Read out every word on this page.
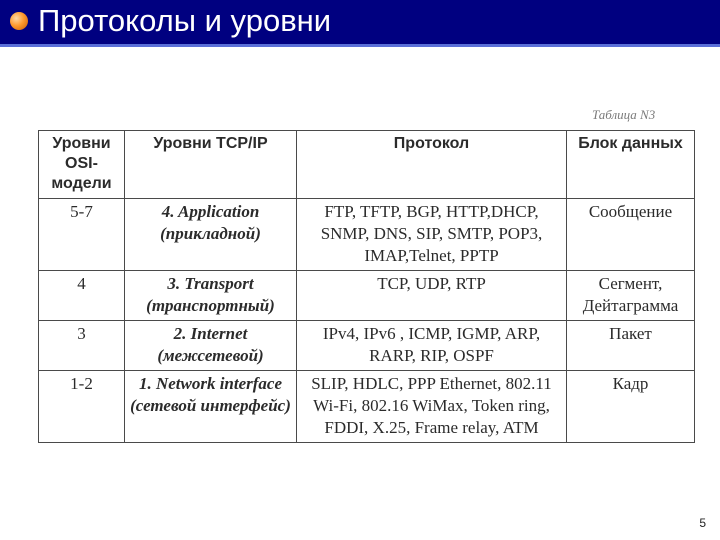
Протоколы и уровни
Таблица N3
Уровни OSI-модели	Уровни TCP/IP	Протокол	Блок данных
5-7	4. Application (прикладной)	FTP, TFTP, BGP, HTTP,DHCP, SNMP, DNS, SIP, SMTP, POP3, IMAP,Telnet, PPTP	Сообщение
4	3. Transport (транспортный)	TCP, UDP, RTP	Сегмент, Дейтаграмма
3	2. Internet (межсетевой)	IPv4, IPv6 , ICMP, IGMP, ARP, RARP, RIP, OSPF	Пакет
1-2	1. Network interface (сетевой интерфейс)	SLIP, HDLC, PPP Ethernet, 802.11 Wi-Fi, 802.16 WiMax, Token ring, FDDI, X.25, Frame relay, ATM	Кадр
5
